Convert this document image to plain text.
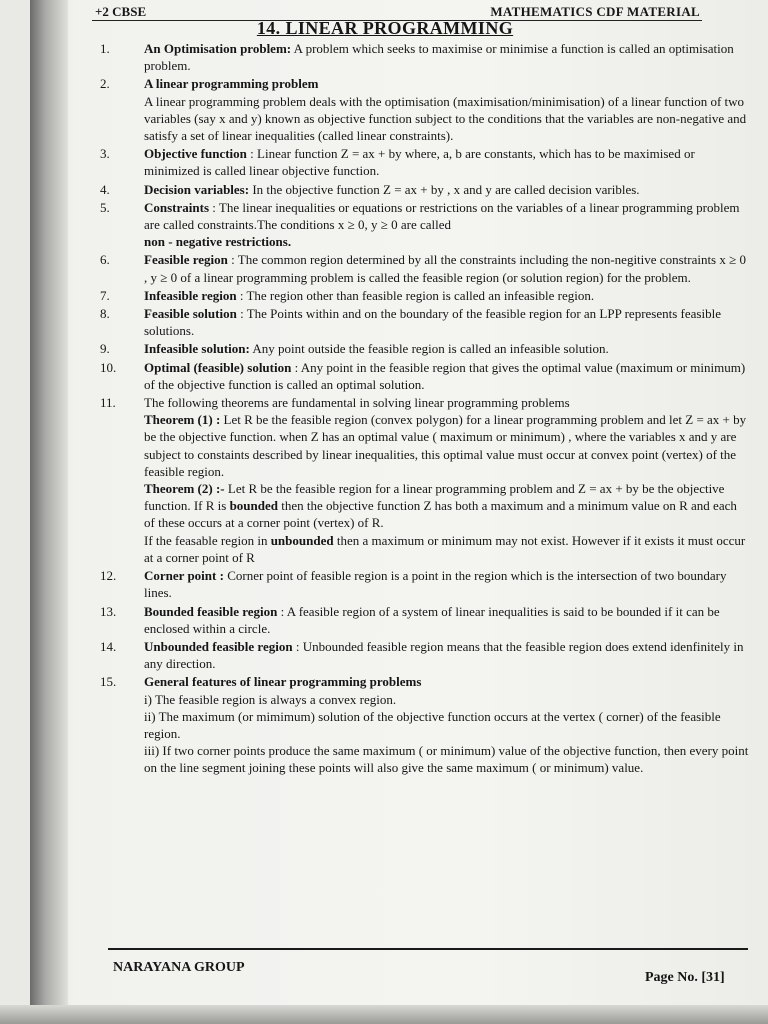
+2 CBSE	MATHEMATICS CDF MATERIAL
14. LINEAR PROGRAMMING
1.	An Optimisation problem: A problem which seeks to maximise or minimise a function is called an optimisation problem.
2.	A linear programming problem
A linear programming problem deals with the optimisation (maximisation/minimisation) of a linear function of two variables (say x and y) known as objective function subject to the conditions that the variables are non-negative and satisfy a set of linear inequalities (called linear constraints).
3.	Objective function : Linear function Z = ax + by where, a, b are constants, which has to be maximised or minimized is called linear objective function.
4.	Decision variables: In the objective function Z = ax + by , x and y are called decision varibles.
5.	Constraints : The linear inequalities or equations or restrictions on the variables of a linear programming problem are called constraints.The conditions x ≥ 0, y ≥ 0 are called
non - negative restrictions.
6.	Feasible region : The common region determined by all the constraints including the non-negitive constraints x ≥ 0 , y ≥ 0 of a linear programming problem is called the feasible region (or solution region) for the problem.
7.	Infeasible region : The region other than feasible region is called an infeasible region.
8.	Feasible solution : The Points within and on the boundary of the feasible region for an LPP represents feasible solutions.
9.	Infeasible solution: Any point outside the feasible region is called an infeasible solution.
10.	Optimal (feasible) solution : Any point in the feasible region that gives the optimal value (maximum or minimum) of the objective function is called an optimal solution.
11.	The following theorems are fundamental in solving linear programming problems
Theorem (1) : Let R be the feasible region (convex polygon) for a linear programming problem and let Z = ax + by be the objective function. when Z has an optimal value ( maximum or minimum) , where the variables x and y are subject to constaints described by linear inequalities, this optimal value must occur at convex point (vertex) of the feasible region.
Theorem (2) :- Let R be the feasible region for a linear programming problem and Z = ax + by be the objective function. If R is bounded then the objective function Z has both a maximum and a minimum value on R and each of these occurs at a corner point (vertex) of R.
If the feasable region in unbounded then a maximum or minimum may not exist. However if it exists it must occur at a corner point of R
12.	Corner point : Corner point of feasible region is a point in the region which is the intersection of two boundary lines.
13.	Bounded feasible region : A feasible region of a system of linear inequalities is said to be bounded if it can be enclosed within a circle.
14.	Unbounded feasible region : Unbounded feasible region means that the feasible region does extend idenfinitely in any direction.
15.	General features of linear programming problems
i) The feasible region is always a convex region.
ii) The maximum (or mimimum) solution of the objective function occurs at the vertex ( corner) of the feasible region.
iii) If two corner points produce the same maximum ( or minimum) value of the objective function, then every point on the line segment joining these points will also give the same maximum ( or minimum) value.
NARAYANA GROUP
Page No. [31]
